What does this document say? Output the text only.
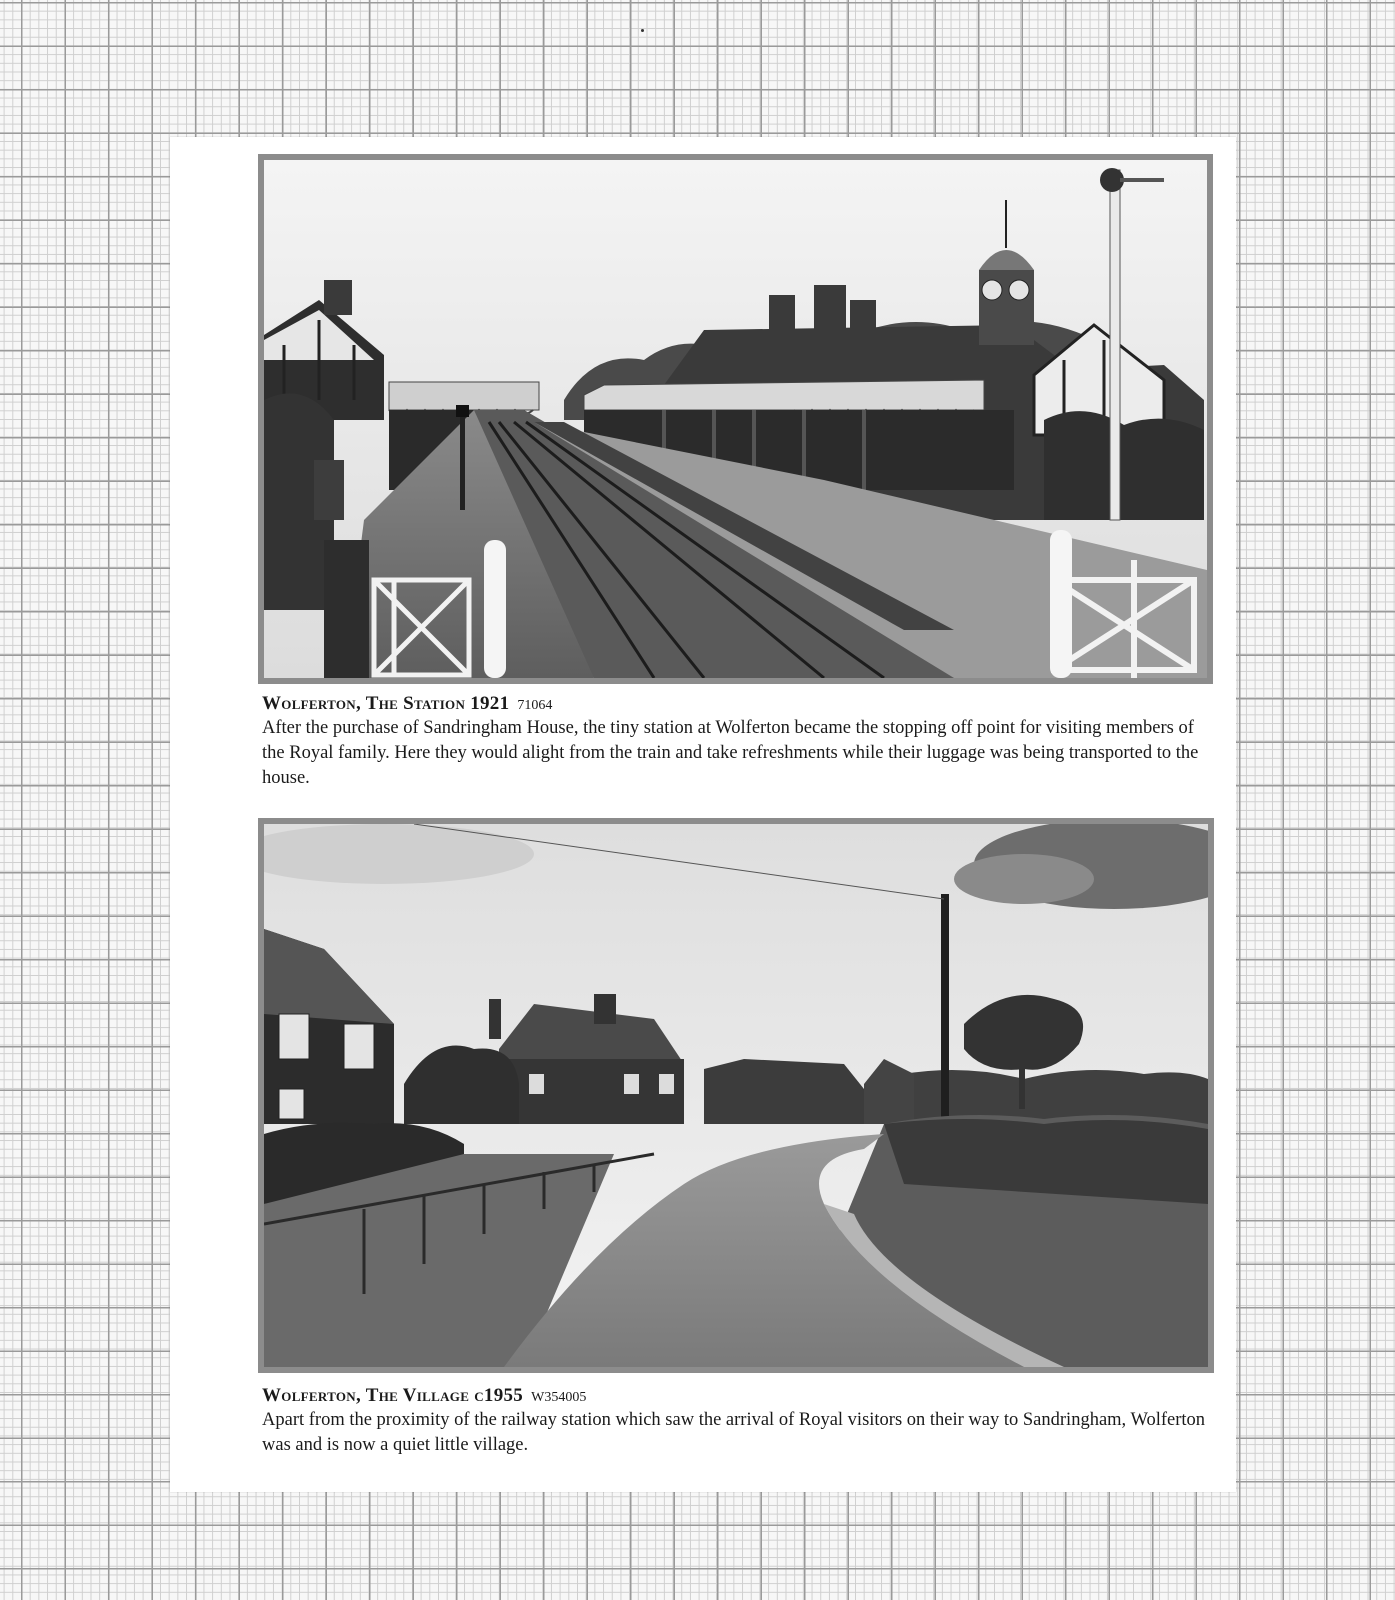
Wolferton, The Station 1921 71064
After the purchase of Sandringham House, the tiny station at Wolferton became the stopping off point for visiting members of the Royal family. Here they would alight from the train and take refreshments while their luggage was being transported to the house.
Wolferton, The Village c1955 W354005
Apart from the proximity of the railway station which saw the arrival of Royal visitors on their way to Sandringham, Wolferton was and is now a quiet little village.
